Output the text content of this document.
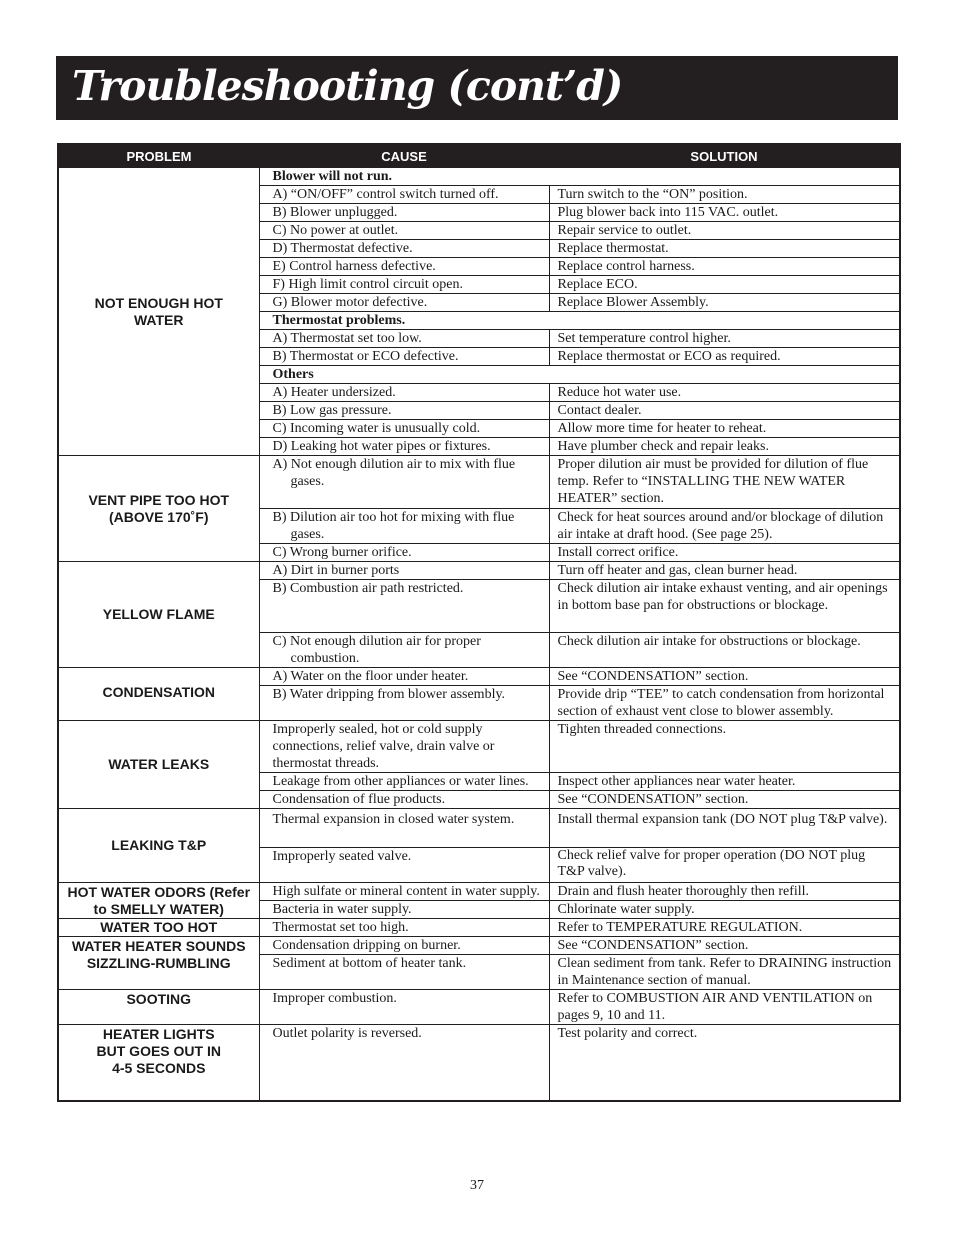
Troubleshooting (cont’d)
PROBLEM	CAUSE	SOLUTION
NOT ENOUGH HOT WATER	Blower will not run.	
	A) “ON/OFF” control switch turned off.	Turn switch to the “ON” position.
	B) Blower unplugged.	Plug blower back into 115 VAC. outlet.
	C) No power at outlet.	Repair service to outlet.
	D) Thermostat defective.	Replace thermostat.
	E) Control harness defective.	Replace control harness.
	F) High limit control circuit open.	Replace ECO.
	G) Blower motor defective.	Replace Blower Assembly.
	Thermostat problems.	
	A) Thermostat set too low.	Set temperature control higher.
	B) Thermostat or ECO defective.	Replace thermostat or ECO as required.
	Others	
	A) Heater undersized.	Reduce hot water use.
	B) Low gas pressure.	Contact dealer.
	C) Incoming water is unusually cold.	Allow more time for heater to reheat.
	D) Leaking hot water pipes or fixtures.	Have plumber check and repair leaks.
VENT PIPE TOO HOT (ABOVE 170˚F)	A) Not enough dilution air to mix with flue gases.	Proper dilution air must be provided for dilution of flue temp. Refer to “INSTALLING THE NEW WATER HEATER” section.

	B) Dilution air too hot for mixing with flue gases.	Check for heat sources around and/or blockage of dilution air intake at draft hood. (See page 25).
	C) Wrong burner orifice.	Install correct orifice.
YELLOW FLAME	A) Dirt in burner ports	Turn off heater and gas, clean burner head.
	B) Combustion air path restricted.	Check dilution air intake exhaust venting, and air openings in bottom base pan for obstructions or blockage.

	C) Not enough dilution air for proper combustion.	Check dilution air intake for obstructions or blockage.
CONDENSATION	A) Water on the floor under heater.	See “CONDENSATION” section.
	B) Water dripping from blower assembly.	Provide drip “TEE” to catch condensation from horizontal section of exhaust vent close to blower assembly.
WATER LEAKS	Improperly sealed, hot or cold supply connections, relief valve, drain valve or thermostat threads.	Tighten threaded connections.
	Leakage from other appliances or water lines.	Inspect other appliances near water heater.
	Condensation of flue products.	See “CONDENSATION” section.
LEAKING T&P	Thermal expansion in closed water system.	Install thermal expansion tank (DO NOT plug T&P valve).
	Improperly seated valve.	Check relief valve for proper operation (DO NOT plug T&P valve).
HOT WATER ODORS (Refer to SMELLY WATER)	High sulfate or mineral content in water supply.	Drain and flush heater thoroughly then refill.
	Bacteria in water supply.	Chlorinate water supply.
WATER TOO HOT	Thermostat set too high.	Refer to TEMPERATURE REGULATION.
WATER HEATER SOUNDS SIZZLING-RUMBLING	Condensation dripping on burner.	See “CONDENSATION” section.
	Sediment at bottom of heater tank.	Clean sediment from tank. Refer to DRAINING instruction in Maintenance section of manual.
SOOTING	Improper combustion.	Refer to COMBUSTION AIR AND VENTILATION on pages 9, 10 and 11.
HEATER LIGHTS BUT GOES OUT IN 4-5 SECONDS	Outlet polarity is reversed.	Test polarity and correct.
37
